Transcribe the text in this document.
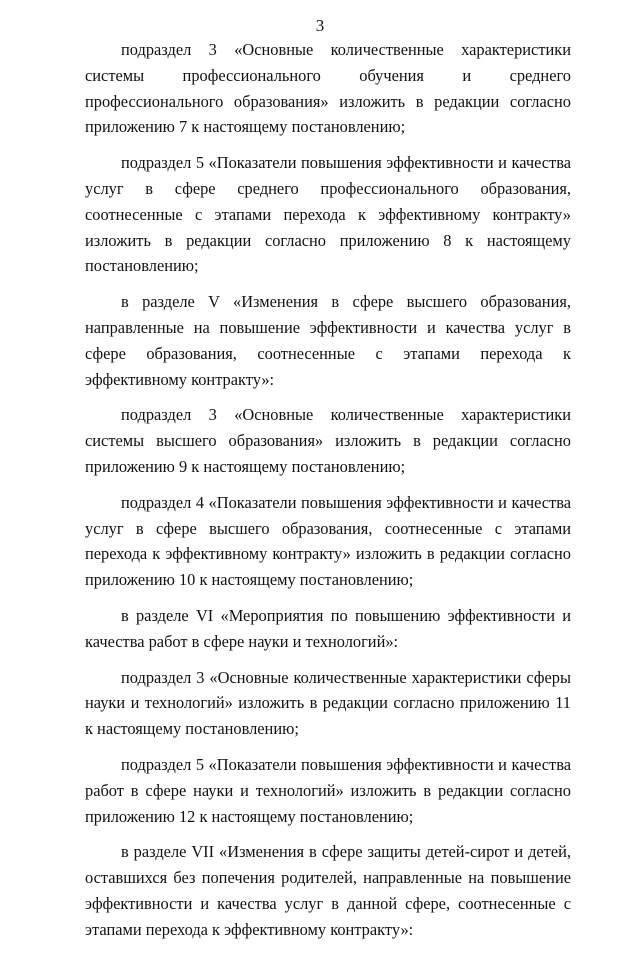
3

подраздел 3 «Основные количественные характеристики системы профессионального обучения и среднего профессионального образования» изложить в редакции согласно приложению 7 к настоящему постановлению;

подраздел 5 «Показатели повышения эффективности и качества услуг в сфере среднего профессионального образования, соотнесенные с этапами перехода к эффективному контракту» изложить в редакции согласно приложению 8 к настоящему постановлению;

в разделе V «Изменения в сфере высшего образования, направленные на повышение эффективности и качества услуг в сфере образования, соотнесенные с этапами перехода к эффективному контракту»:

подраздел 3 «Основные количественные характеристики системы высшего образования» изложить в редакции согласно приложению 9 к настоящему постановлению;

подраздел 4 «Показатели повышения эффективности и качества услуг в сфере высшего образования, соотнесенные с этапами перехода к эффективному контракту» изложить в редакции согласно приложению 10 к настоящему постановлению;

в разделе VI «Мероприятия по повышению эффективности и качества работ в сфере науки и технологий»:

подраздел 3 «Основные количественные характеристики сферы науки и технологий» изложить в редакции согласно приложению 11 к настоящему постановлению;

подраздел 5 «Показатели повышения эффективности и качества работ в сфере науки и технологий» изложить в редакции согласно приложению 12 к настоящему постановлению;

в разделе VII «Изменения в сфере защиты детей-сирот и детей, оставшихся без попечения родителей, направленные на повышение эффективности и качества услуг в данной сфере, соотнесенные с этапами перехода к эффективному контракту»:
